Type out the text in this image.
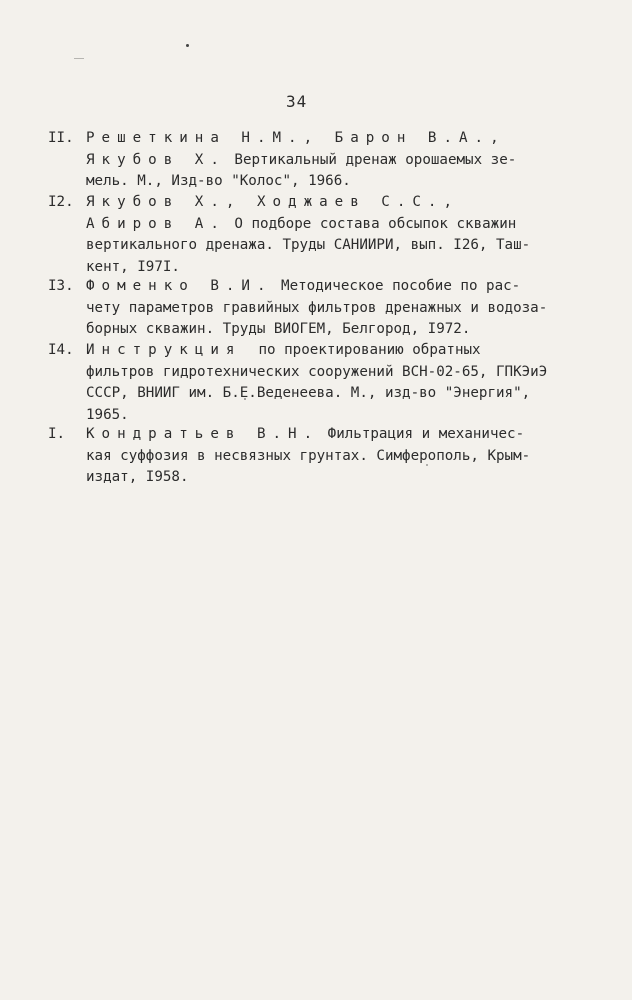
34
II. Решеткина Н.М., Барон В.А.,
Якубов Х. Вертикальный дренаж орошаемых зе-
мель. М., Изд-во "Колос", 1966.
I2. Якубов Х., Ходжаев С.С.,
Абиров А. О подборе состава обсыпок скважин
вертикального дренажа. Труды САНИИРИ, вып. I26, Таш-
кент, I97I.
I3. Фоменко В.И. Методическое пособие по рас-
чету параметров гравийных фильтров дренажных и водоза-
борных скважин. Труды ВИОГЕМ, Белгород, I972.
I4. Инструкция  по проектированию обратных
фильтров гидротехнических сооружений ВСН-02-65, ГПКЭиЭ
СССР, ВНИИГ им. Б.Е.Веденеева. М., изд-во "Энергия",
1965.
I. Кондратьев В.Н. Фильтрация и механичес-
кая суффозия в несвязных грунтах. Симферополь, Крым-
издат, I958.
